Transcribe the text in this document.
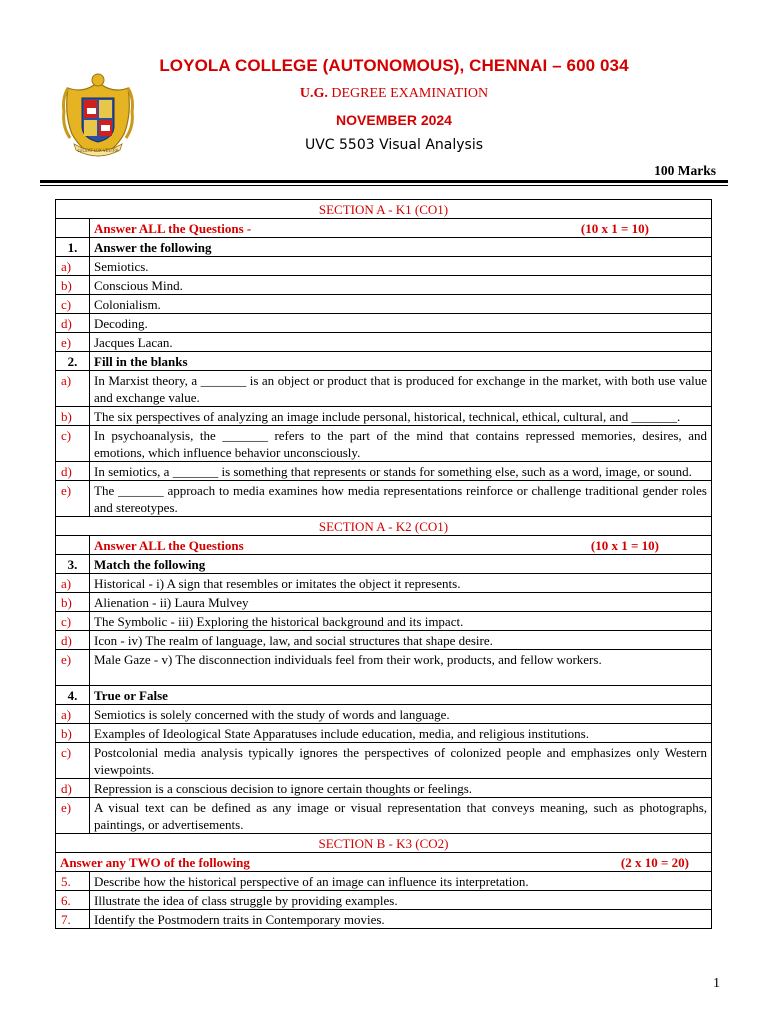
LUCEAT LUX VESTRA
LOYOLA COLLEGE (AUTONOMOUS), CHENNAI – 600 034
U.G. DEGREE EXAMINATION
NOVEMBER 2024
UVC 5503 Visual Analysis
100 Marks
SECTION A - K1 (CO1)	
	Answer ALL the Questions - (10 x 1 = 10)

1.	Answer the following
a)	Semiotics.
b)	Conscious Mind.
c)	Colonialism.
d)	Decoding.
e)	Jacques Lacan.
2.	Fill in the blanks
a)	In Marxist theory, a _______ is an object or product that is produced for exchange in the market, with both use value and exchange value.
b)	The six perspectives of analyzing an image include personal, historical, technical, ethical, cultural, and _______.
c)	In psychoanalysis, the _______ refers to the part of the mind that contains repressed memories, desires, and emotions, which influence behavior unconsciously.
d)	In semiotics, a _______ is something that represents or stands for something else, such as a word, image, or sound.
e)	The _______ approach to media examines how media representations reinforce or challenge traditional gender roles and stereotypes.
SECTION A - K2 (CO1)	
	Answer ALL the Questions (10 x 1 = 10)

3.	Match the following
a)	Historical - i) A sign that resembles or imitates the object it represents.
b)	Alienation - ii) Laura Mulvey
c)	The Symbolic - iii) Exploring the historical background and its impact.
d)	Icon - iv) The realm of language, law, and social structures that shape desire.
e)	Male Gaze - v) The disconnection individuals feel from their work, products, and fellow workers.
4.	True or False
a)	Semiotics is solely concerned with the study of words and language.
b)	Examples of Ideological State Apparatuses include education, media, and religious institutions.
c)	Postcolonial media analysis typically ignores the perspectives of colonized people and emphasizes only Western viewpoints.
d)	Repression is a conscious decision to ignore certain thoughts or feelings.
e)	A visual text can be defined as any image or visual representation that conveys meaning, such as photographs, paintings, or advertisements.
SECTION B - K3 (CO2)	
Answer any TWO of the following (2 x 10 = 20)	

5.	Describe how the historical perspective of an image can influence its interpretation.
6.	Illustrate the idea of class struggle by providing examples.
7.	Identify the Postmodern traits in Contemporary movies.
1
